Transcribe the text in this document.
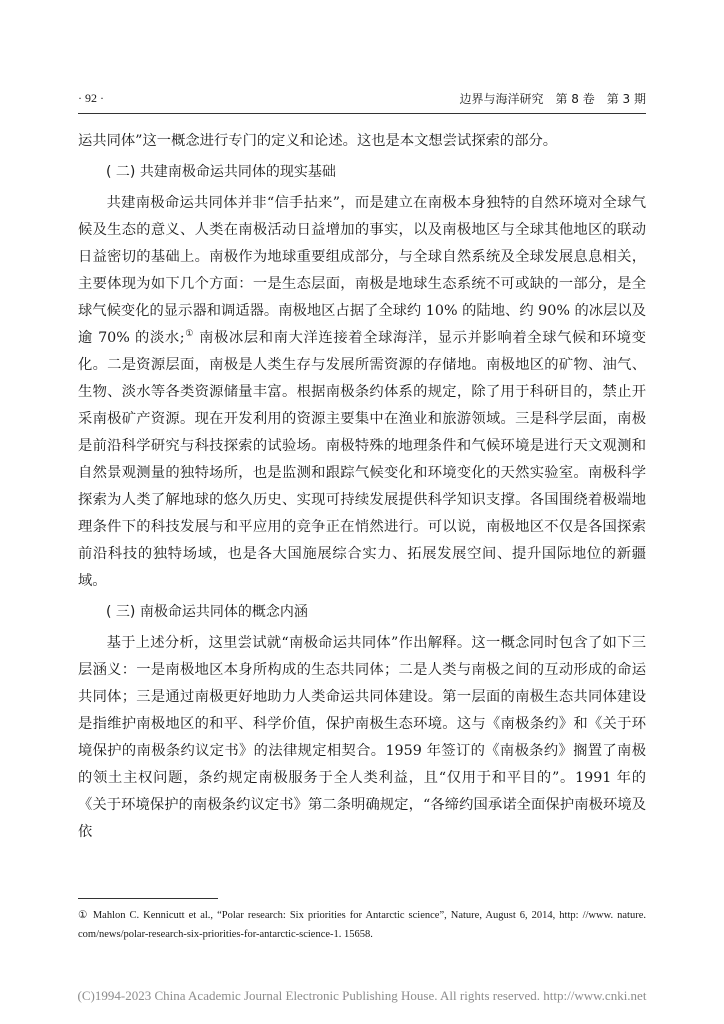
· 92 ·	边界与海洋研究　第 8 卷　第 3 期

运共同体”这一概念进行专门的定义和论述。这也是本文想尝试探索的部分。

( 二) 共建南极命运共同体的现实基础

共建南极命运共同体并非“信手拈来”，而是建立在南极本身独特的自然环境对全球气候及生态的意义、人类在南极活动日益增加的事实，以及南极地区与全球其他地区的联动日益密切的基础上。南极作为地球重要组成部分，与全球自然系统及全球发展息息相关，主要体现为如下几个方面：一是生态层面，南极是地球生态系统不可或缺的一部分，是全球气候变化的显示器和调适器。南极地区占据了全球约 10% 的陆地、约 90% 的冰层以及逾 70% 的淡水;① 南极冰层和南大洋连接着全球海洋，显示并影响着全球气候和环境变化。二是资源层面，南极是人类生存与发展所需资源的存储地。南极地区的矿物、油气、生物、淡水等各类资源储量丰富。根据南极条约体系的规定，除了用于科研目的，禁止开采南极矿产资源。现在开发利用的资源主要集中在渔业和旅游领域。三是科学层面，南极是前沿科学研究与科技探索的试验场。南极特殊的地理条件和气候环境是进行天文观测和自然景观测量的独特场所，也是监测和跟踪气候变化和环境变化的天然实验室。南极科学探索为人类了解地球的悠久历史、实现可持续发展提供科学知识支撑。各国围绕着极端地理条件下的科技发展与和平应用的竞争正在悄然进行。可以说，南极地区不仅是各国探索前沿科技的独特场域，也是各大国施展综合实力、拓展发展空间、提升国际地位的新疆域。

( 三) 南极命运共同体的概念内涵

基于上述分析，这里尝试就“南极命运共同体”作出解释。这一概念同时包含了如下三层涵义：一是南极地区本身所构成的生态共同体；二是人类与南极之间的互动形成的命运共同体；三是通过南极更好地助力人类命运共同体建设。第一层面的南极生态共同体建设是指维护南极地区的和平、科学价值，保护南极生态环境。这与《南极条约》和《关于环境保护的南极条约议定书》的法律规定相契合。1959 年签订的《南极条约》搁置了南极的领土主权问题，条约规定南极服务于全人类利益，且“仅用于和平目的”。1991 年的《关于环境保护的南极条约议定书》第二条明确规定，“各缔约国承诺全面保护南极环境及依

① Mahlon C. Kennicutt et al., “Polar research: Six priorities for Antarctic science”, Nature, August 6, 2014, http: //www. nature. com/news/polar-research-six-priorities-for-antarctic-science-1. 15658.
(C)1994-2023 China Academic Journal Electronic Publishing House. All rights reserved. http://www.cnki.net
